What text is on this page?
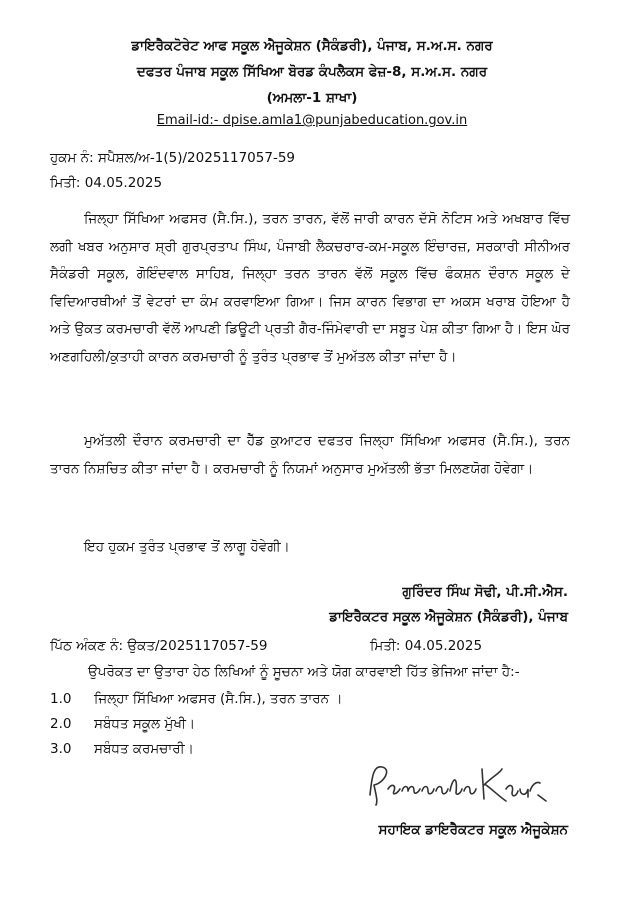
ਡਾਇਰੈਕਟੋਰੇਟ ਆਫ ਸਕੂਲ ਐਜੂਕੇਸ਼ਨ (ਸੈਕੰਡਰੀ), ਪੰਜਾਬ, ਸ.ਅ.ਸ. ਨਗਰ
ਦਫਤਰ ਪੰਜਾਬ ਸਕੂਲ ਸਿੱਖਿਆ ਬੋਰਡ ਕੰਪਲੈਕਸ ਫੇਜ਼-8, ਸ.ਅ.ਸ. ਨਗਰ
(ਅਮਲਾ-1 ਸ਼ਾਖਾ)
Email-id:- dpise.amla1@punjabeducation.gov.in
ਹੁਕਮ ਨੰ: ਸਪੈਸ਼ਲ/ਅ-1(5)/2025117057-59
ਮਿਤੀ: 04.05.2025
ਜਿਲ੍ਹਾ ਸਿੱਖਿਆ ਅਫਸਰ (ਸੈ.ਸਿ.), ਤਰਨ ਤਾਰਨ, ਵੱਲੋਂ ਜਾਰੀ ਕਾਰਨ ਦੱਸੋ ਨੋਟਿਸ ਅਤੇ ਅਖਬਾਰ ਵਿੱਚ ਲਗੀ ਖਬਰ ਅਨੁਸਾਰ ਸ਼੍ਰੀ ਗੁਰਪ੍ਰਤਾਪ ਸਿੰਘ, ਪੰਜਾਬੀ ਲੈਕਚਰਾਰ-ਕਮ-ਸਕੂਲ ਇੰਚਾਰਜ਼, ਸਰਕਾਰੀ ਸੀਨੀਅਰ ਸੈਕੰਡਰੀ ਸਕੂਲ, ਗੋਇੰਦਵਾਲ ਸਾਹਿਬ, ਜਿਲ੍ਹਾ ਤਰਨ ਤਾਰਨ ਵੱਲੋਂ ਸਕੂਲ ਵਿੱਚ ਫੰਕਸ਼ਨ ਦੌਰਾਨ ਸਕੂਲ ਦੇ ਵਿਦਿਆਰਥੀਆਂ ਤੋਂ ਵੇਟਰਾਂ ਦਾ ਕੰਮ ਕਰਵਾਇਆ ਗਿਆ। ਜਿਸ ਕਾਰਨ ਵਿਭਾਗ ਦਾ ਅਕਸ ਖਰਾਬ ਹੋਇਆ ਹੈ ਅਤੇ ਉਕਤ ਕਰਮਚਾਰੀ ਵੱਲੋਂ ਆਪਣੀ ਡਿਊਟੀ ਪ੍ਰਤੀ ਗੈਰ-ਜਿੰਮੇਵਾਰੀ ਦਾ ਸਬੂਤ ਪੇਸ਼ ਕੀਤਾ ਗਿਆ ਹੈ। ਇਸ ਘੋਰ ਅਣਗਹਿਲੀ/ਕੁਤਾਹੀ ਕਾਰਨ ਕਰਮਚਾਰੀ ਨੂੰ ਤੁਰੰਤ ਪ੍ਰਭਾਵ ਤੋਂ ਮੁਅੱਤਲ ਕੀਤਾ ਜਾਂਦਾ ਹੈ।
ਮੁਅੱਤਲੀ ਦੌਰਾਨ ਕਰਮਚਾਰੀ ਦਾ ਹੈੱਡ ਕੁਆਟਰ ਦਫਤਰ ਜਿਲ੍ਹਾ ਸਿੱਖਿਆ ਅਫਸਰ (ਸੈ.ਸਿ.), ਤਰਨ ਤਾਰਨ ਨਿਸ਼ਚਿਤ ਕੀਤਾ ਜਾਂਦਾ ਹੈ। ਕਰਮਚਾਰੀ ਨੂੰ ਨਿਯਮਾਂ ਅਨੁਸਾਰ ਮੁਅੱਤਲੀ ਭੱਤਾ ਮਿਲਣਯੋਗ ਹੋਵੇਗਾ।
ਇਹ ਹੁਕਮ ਤੁਰੰਤ ਪ੍ਰਭਾਵ ਤੋਂ ਲਾਗੂ ਹੋਵੇਗੀ।
ਗੁਰਿੰਦਰ ਸਿੰਘ ਸੋਢੀ, ਪੀ.ਸੀ.ਐਸ.
ਡਾਇਰੈਕਟਰ ਸਕੂਲ ਐਜੂਕੇਸ਼ਨ (ਸੈਕੰਡਰੀ), ਪੰਜਾਬ
ਪਿੱਠ ਅੰਕਣ ਨੰ: ਉਕਤ/2025117057-59	ਮਿਤੀ: 04.05.2025
ਉਪਰੋਕਤ ਦਾ ਉਤਾਰਾ ਹੇਠ ਲਿਖਿਆਂ ਨੂੰ ਸੂਚਨਾ ਅਤੇ ਯੋਗ ਕਾਰਵਾਈ ਹਿੱਤ ਭੇਜਿਆ ਜਾਂਦਾ ਹੈ:-
1.0 ਜਿਲ੍ਹਾ ਸਿੱਖਿਆ ਅਫਸਰ (ਸੈ.ਸਿ.), ਤਰਨ ਤਾਰਨ ।
2.0 ਸਬੰਧਤ ਸਕੂਲ ਮੁੱਖੀ।
3.0 ਸਬੰਧਤ ਕਰਮਚਾਰੀ।
ਸਹਾਇਕ ਡਾਇਰੈਕਟਰ ਸਕੂਲ ਐਜੂਕੇਸ਼ਨ
